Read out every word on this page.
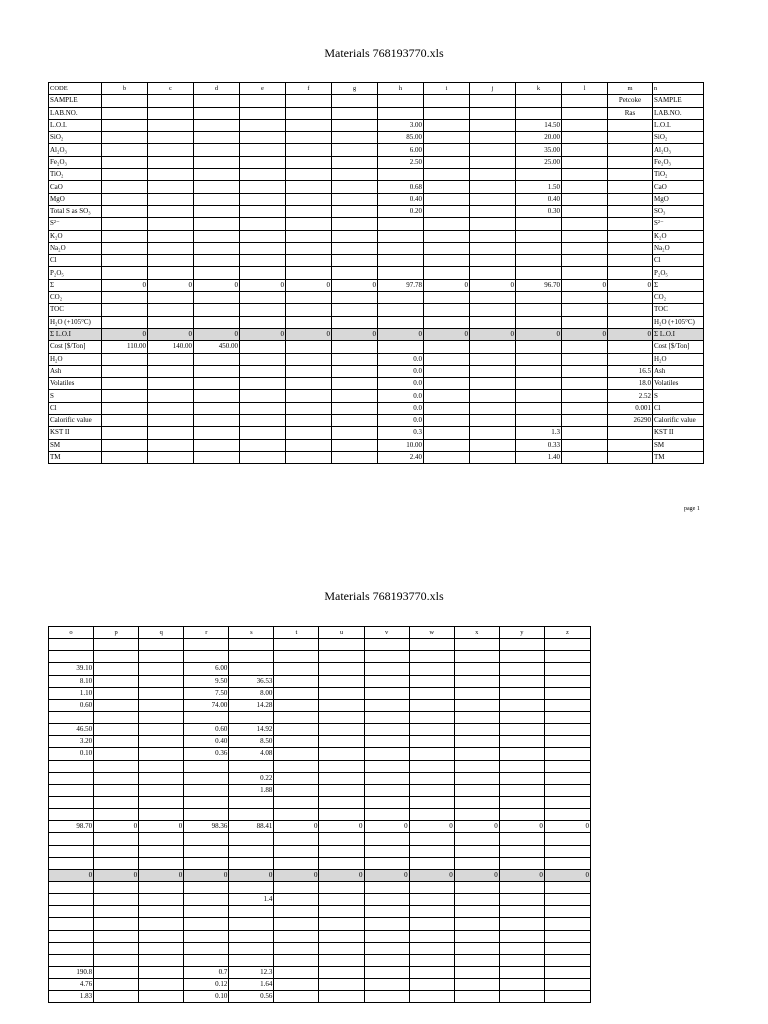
Materials 768193770.xls
CODE	b	c	d	e	f	g	h	i	j	k	l	m	n
SAMPLE												Petcoke	SAMPLE
LAB.NO.												Ras	LAB.NO.
L.O.I.							3.00			14.50			L.O.I.
SiO₂							85.00			20.00			SiO₂
Al₂O₃							6.00			35.00			Al₂O₃
Fe₂O₃							2.50			25.00			Fe₂O₃
TiO₂													TiO₂
CaO							0.68			1.50			CaO
MgO							0.40			0.40			MgO
Total S as SO₃							0.20			0.30			SO₃
S²⁻													S²⁻
K₂O													K₂O
Na₂O													Na₂O
Cl													Cl
P₂O₅													P₂O₅
Σ	0	0	0	0	0	0	97.78	0	0	96.70	0	0	Σ
CO₂													CO₂
TOC													TOC
H₂O (+105°C)													H₂O (+105°C)
Σ L.O.I	0	0	0	0	0	0	0	0	0	0	0	0	Σ L.O.I
Cost [$/Ton]	110.00	140.00	450.00										Cost [$/Ton]
H₂O							0.0						H₂O
Ash							0.0					16.5	Ash
Volatiles							0.0					18.0	Volatiles
S							0.0					2.52	S
Cl							0.0					0.001	Cl
Calorific value							0.0					26290	Calorific value
KST II							0.3			1.3			KST II
SM							10.00			0.33			SM
TM							2.40			1.40			TM
page 1
Materials 768193770.xls
o	p	q	r	s	t	u	v	w	x	y	z

39.10			6.00								
8.10			9.50	36.53							
1.10			7.50	8.00							
0.60			74.00	14.28							

46.50			0.60	14.92							
3.20			0.40	8.50							
0.10			0.36	4.08							

				0.22							
				1.88							

98.70	0	0	98.36	88.41	0	0	0	0	0	0	0

0	0	0	0	0	0	0	0	0	0	0	0

				1.4							

190.8			0.7	12.3							
4.76			0.12	1.64							
1.83			0.10	0.56							
